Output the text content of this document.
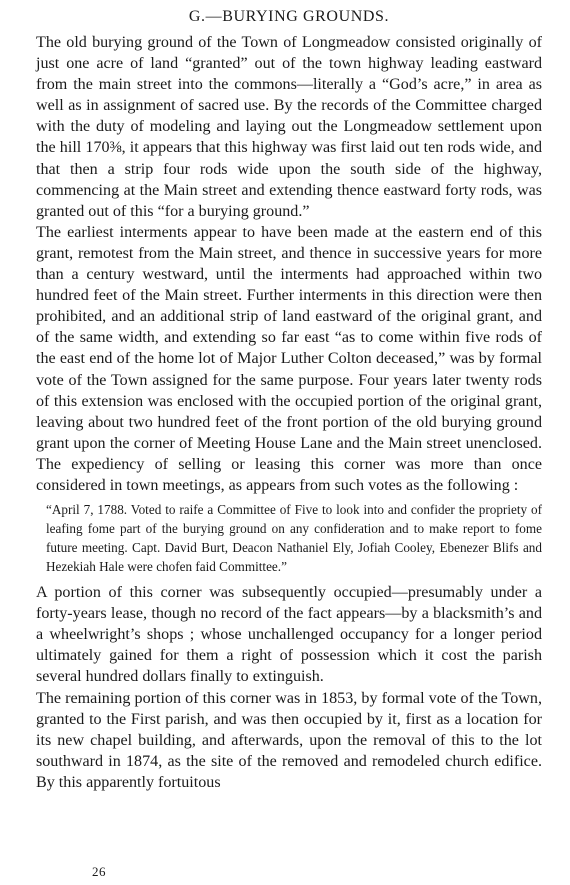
G.—BURYING GROUNDS.

The old burying ground of the Town of Longmeadow consisted originally of just one acre of land “granted” out of the town highway leading eastward from the main street into the commons—literally a “God’s acre,” in area as well as in assignment of sacred use. By the records of the Committee charged with the duty of modeling and laying out the Longmeadow settlement upon the hill 170⅜, it appears that this highway was first laid out ten rods wide, and that then a strip four rods wide upon the south side of the highway, commencing at the Main street and extending thence eastward forty rods, was granted out of this “for a burying ground.”

The earliest interments appear to have been made at the eastern end of this grant, remotest from the Main street, and thence in successive years for more than a century westward, until the interments had approached within two hundred feet of the Main street. Further interments in this direction were then prohibited, and an additional strip of land eastward of the original grant, and of the same width, and extending so far east “as to come within five rods of the east end of the home lot of Major Luther Colton deceased,” was by formal vote of the Town assigned for the same purpose. Four years later twenty rods of this extension was enclosed with the occupied portion of the original grant, leaving about two hundred feet of the front portion of the old burying ground grant upon the corner of Meeting House Lane and the Main street unenclosed. The expediency of selling or leasing this corner was more than once considered in town meetings, as appears from such votes as the following :

“April 7, 1788. Voted to raife a Committee of Five to look into and confider the propriety of leafing fome part of the burying ground on any confideration and to make report to fome future meeting. Capt. David Burt, Deacon Nathaniel Ely, Jofiah Cooley, Ebenezer Blifs and Hezekiah Hale were chofen faid Committee.”

A portion of this corner was subsequently occupied—presumably under a forty-years lease, though no record of the fact appears—by a blacksmith’s and a wheelwright’s shops ; whose unchallenged occupancy for a longer period ultimately gained for them a right of possession which it cost the parish several hundred dollars finally to extinguish.

The remaining portion of this corner was in 1853, by formal vote of the Town, granted to the First parish, and was then occupied by it, first as a location for its new chapel building, and afterwards, upon the removal of this to the lot southward in 1874, as the site of the removed and remodeled church edifice. By this apparently fortuitous

26
